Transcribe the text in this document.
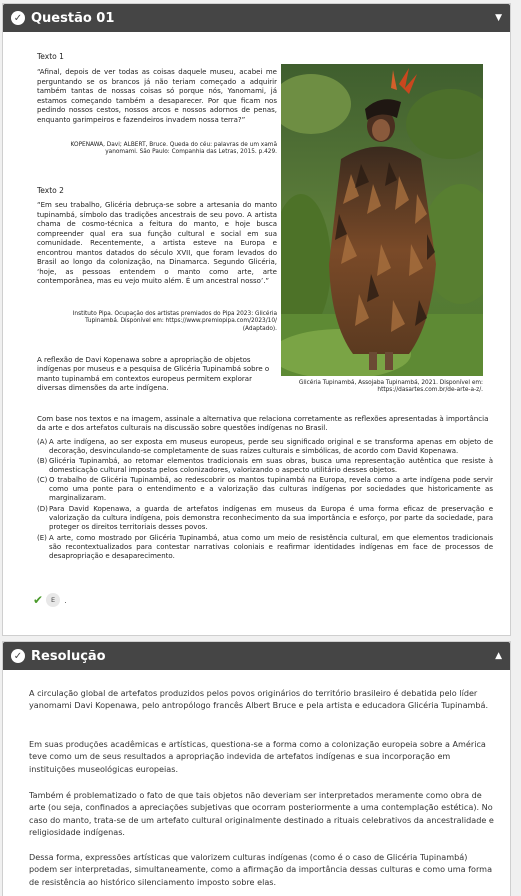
✓ Questão 01	▼
Texto 1
“Afinal, depois de ver todas as coisas daquele museu, acabei me perguntando se os brancos já não teriam começado a adquirir também tantas de nossas coisas só porque nós, Yanomami, já estamos começando também a desaparecer. Por que ficam nos pedindo nossos cestos, nossos arcos e nossos adornos de penas, enquanto garimpeiros e fazendeiros invadem nossa terra?”
KOPENAWA, Davi; ALBERT, Bruce. Queda do céu: palavras de um xamã
yanomami. São Paulo: Companhia das Letras, 2015. p.429.
Texto 2
“Em seu trabalho, Glicéria debruça-se sobre a artesania do manto tupinambá, símbolo das tradições ancestrais de seu povo. A artista chama de cosmo-técnica a feitura do manto, e hoje busca compreender qual era sua função cultural e social em sua comunidade. Recentemente, a artista esteve na Europa e encontrou mantos datados do século XVII, que foram levados do Brasil ao longo da colonização, na Dinamarca. Segundo Glicéria, ‘hoje, as pessoas entendem o manto como arte, arte contemporânea, mas eu vejo muito além. É um ancestral nosso’.”
Instituto Pipa. Ocupação dos artistas premiados do Pipa 2023: Glicéria
Tupinambá. Disponível em: https://www.premiopipa.com/2023/10/
(Adaptado).
A reflexão de Davi Kopenawa sobre a apropriação de objetos indígenas por museus e a pesquisa de Glicéria Tupinambá sobre o manto tupinambá em contextos europeus permitem explorar diversas dimensões da arte indígena.
Glicéria Tupinambá, Assojaba Tupinambá, 2021. Disponível em:
https://dasartes.com.br/de-arte-a-z/.
Com base nos textos e na imagem, assinale a alternativa que relaciona corretamente as reflexões apresentadas à importância da arte e dos artefatos culturais na discussão sobre questões indígenas no Brasil.
(A) A arte indígena, ao ser exposta em museus europeus, perde seu significado original e se transforma apenas em objeto de decoração, desvinculando-se completamente de suas raízes culturais e simbólicas, de acordo com David Kopenawa.
(B) Glicéria Tupinambá, ao retomar elementos tradicionais em suas obras, busca uma representação autêntica que resiste à domesticação cultural imposta pelos colonizadores, valorizando o aspecto utilitário desses objetos.
(C) O trabalho de Glicéria Tupinambá, ao redescobrir os mantos tupinambá na Europa, revela como a arte indígena pode servir como uma ponte para o entendimento e a valorização das culturas indígenas por sociedades que historicamente as marginalizaram.
(D) Para David Kopenawa, a guarda de artefatos indígenas em museus da Europa é uma forma eficaz de preservação e valorização da cultura indígena, pois demonstra reconhecimento da sua importância e esforço, por parte da sociedade, para proteger os direitos territoriais desses povos.
(E) A arte, como mostrado por Glicéria Tupinambá, atua como um meio de resistência cultural, em que elementos tradicionais são recontextualizados para contestar narrativas coloniais e reafirmar identidades indígenas em face de processos de desapropriação e desaparecimento.
✔	E	.
✓ Resolução	▲
A circulação global de artefatos produzidos pelos povos originários do território brasileiro é debatida pelo líder yanomami Davi Kopenawa, pelo antropólogo francês Albert Bruce e pela artista e educadora Glicéria Tupinambá.
Em suas produções acadêmicas e artísticas, questiona-se a forma como a colonização europeia sobre a América teve como um de seus resultados a apropriação indevida de artefatos indígenas e sua incorporação em instituições museológicas europeias.
Também é problematizado o fato de que tais objetos não deveriam ser interpretados meramente como obra de arte (ou seja, confinados a apreciações subjetivas que ocorram posteriormente a uma contemplação estética). No caso do manto, trata-se de um artefato cultural originalmente destinado a rituais celebrativos da ancestralidade e religiosidade indígenas.
Dessa forma, expressões artísticas que valorizem culturas indígenas (como é o caso de Glicéria Tupinambá) podem ser interpretadas, simultaneamente, como a afirmação da importância dessas culturas e como uma forma de resistência ao histórico silenciamento imposto sobre elas.
